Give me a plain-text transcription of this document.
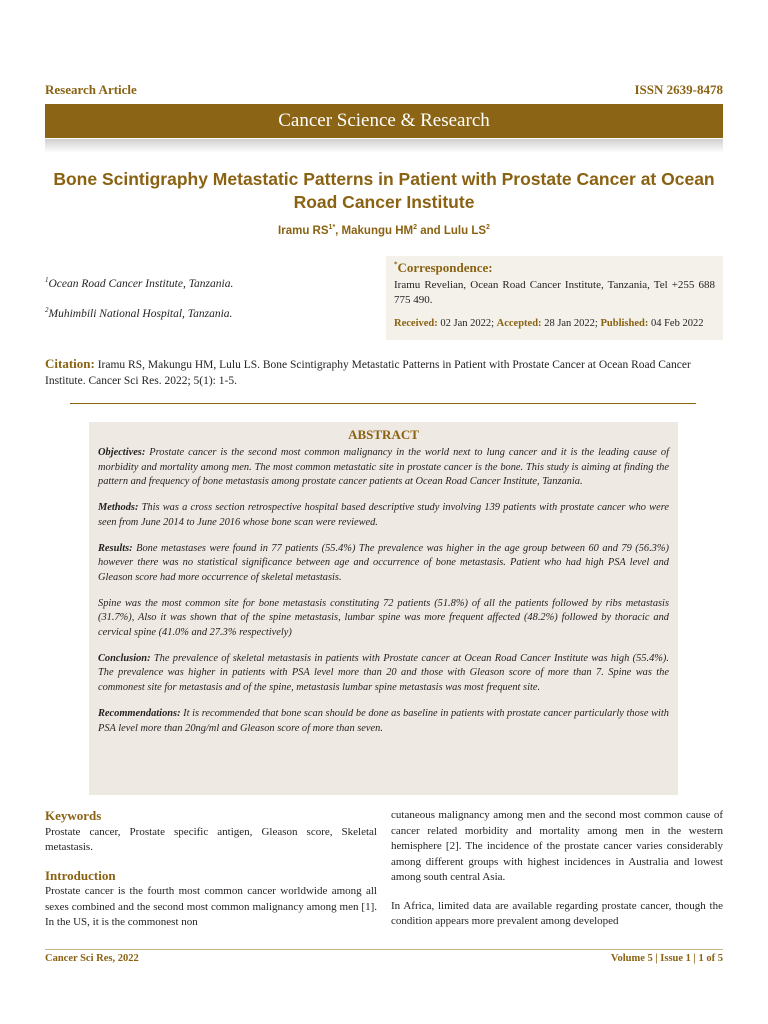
Research Article	ISSN 2639-8478
Cancer Science & Research
Bone Scintigraphy Metastatic Patterns in Patient with Prostate Cancer at Ocean Road Cancer Institute
Iramu $RS^{1*}$, Makungu $HM^2$ and Lulu $LS^2$
$^1$Ocean Road Cancer Institute, Tanzania.
$^2$Muhimbili National Hospital, Tanzania.
*Correspondence:
Iramu Revelian, Ocean Road Cancer Institute, Tanzania, Tel +255 688 775 490.
Received: 02 Jan 2022; Accepted: 28 Jan 2022; Published: 04 Feb 2022
Citation: Iramu RS, Makungu HM, Lulu LS. Bone Scintigraphy Metastatic Patterns in Patient with Prostate Cancer at Ocean Road Cancer Institute. Cancer Sci Res. 2022; 5(1): 1-5.
ABSTRACT

Objectives: Prostate cancer is the second most common malignancy in the world next to lung cancer and it is the leading cause of morbidity and mortality among men. The most common metastatic site in prostate cancer is the bone. This study is aiming at finding the pattern and frequency of bone metastasis among prostate cancer patients at Ocean Road Cancer Institute, Tanzania.

Methods: This was a cross section retrospective hospital based descriptive study involving 139 patients with prostate cancer who were seen from June 2014 to June 2016 whose bone scan were reviewed.

Results: Bone metastases were found in 77 patients (55.4%) The prevalence was higher in the age group between 60 and 79 (56.3%) however there was no statistical significance between age and occurrence of bone metastasis. Patient who had high PSA level and Gleason score had more occurrence of skeletal metastasis.

Spine was the most common site for bone metastasis constituting 72 patients (51.8%) of all the patients followed by ribs metastasis (31.7%), Also it was shown that of the spine metastasis, lumbar spine was more frequent affected (48.2%) followed by thoracic and cervical spine (41.0% and 27.3% respectively)

Conclusion: The prevalence of skeletal metastasis in patients with Prostate cancer at Ocean Road Cancer Institute was high (55.4%). The prevalence was higher in patients with PSA level more than 20 and those with Gleason score of more than 7. Spine was the commonest site for metastasis and of the spine, metastasis lumbar spine metastasis was most frequent site.

Recommendations: It is recommended that bone scan should be done as baseline in patients with prostate cancer particularly those with PSA level more than 20ng/ml and Gleason score of more than seven.

Keywords

Prostate cancer, Prostate specific antigen, Gleason score, Skeletal metastasis.

Introduction

Prostate cancer is the fourth most common cancer worldwide among all sexes combined and the second most common malignancy among men [1]. In the US, it is the commonest non

cutaneous malignancy among men and the second most common cause of cancer related morbidity and mortality among men in the western hemisphere [2]. The incidence of the prostate cancer varies considerably among different groups with highest incidences in Australia and lowest among south central Asia.

In Africa, limited data are available regarding prostate cancer, though the condition appears more prevalent among developed

Cancer Sci Res, 2022	Volume 5 | Issue 1 | 1 of 5
